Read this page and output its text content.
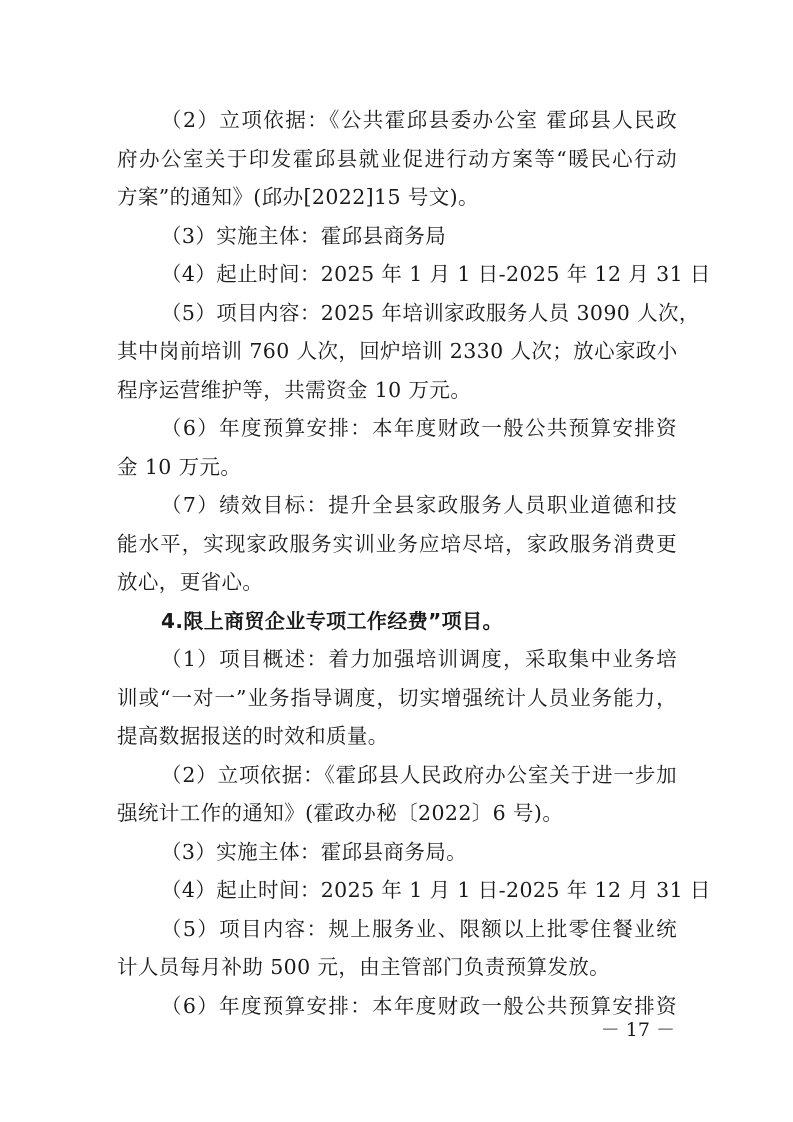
（2）立项依据：《公共霍邱县委办公室 霍邱县人民政
府办公室关于印发霍邱县就业促进行动方案等“暖民心行动
方案”的通知》(邱办[2022]15 号文)。
（3）实施主体：霍邱县商务局
（4）起止时间：2025 年 1 月 1 日-2025 年 12 月 31 日
（5）项目内容：2025 年培训家政服务人员 3090 人次，
其中岗前培训 760 人次，回炉培训 2330 人次；放心家政小
程序运营维护等，共需资金 10 万元。
（6）年度预算安排：本年度财政一般公共预算安排资
金 10 万元。
（7）绩效目标：提升全县家政服务人员职业道德和技
能水平，实现家政服务实训业务应培尽培，家政服务消费更
放心，更省心。
4.限上商贸企业专项工作经费”项目。
（1）项目概述：着力加强培训调度，采取集中业务培
训或“一对一”业务指导调度，切实增强统计人员业务能力，
提高数据报送的时效和质量。
（2）立项依据：《霍邱县人民政府办公室关于进一步加
强统计工作的通知》(霍政办秘〔2022〕6 号)。
（3）实施主体：霍邱县商务局。
（4）起止时间：2025 年 1 月 1 日-2025 年 12 月 31 日
（5）项目内容：规上服务业、限额以上批零住餐业统
计人员每月补助 500 元，由主管部门负责预算发放。
（6）年度预算安排：本年度财政一般公共预算安排资
－ 17 －
